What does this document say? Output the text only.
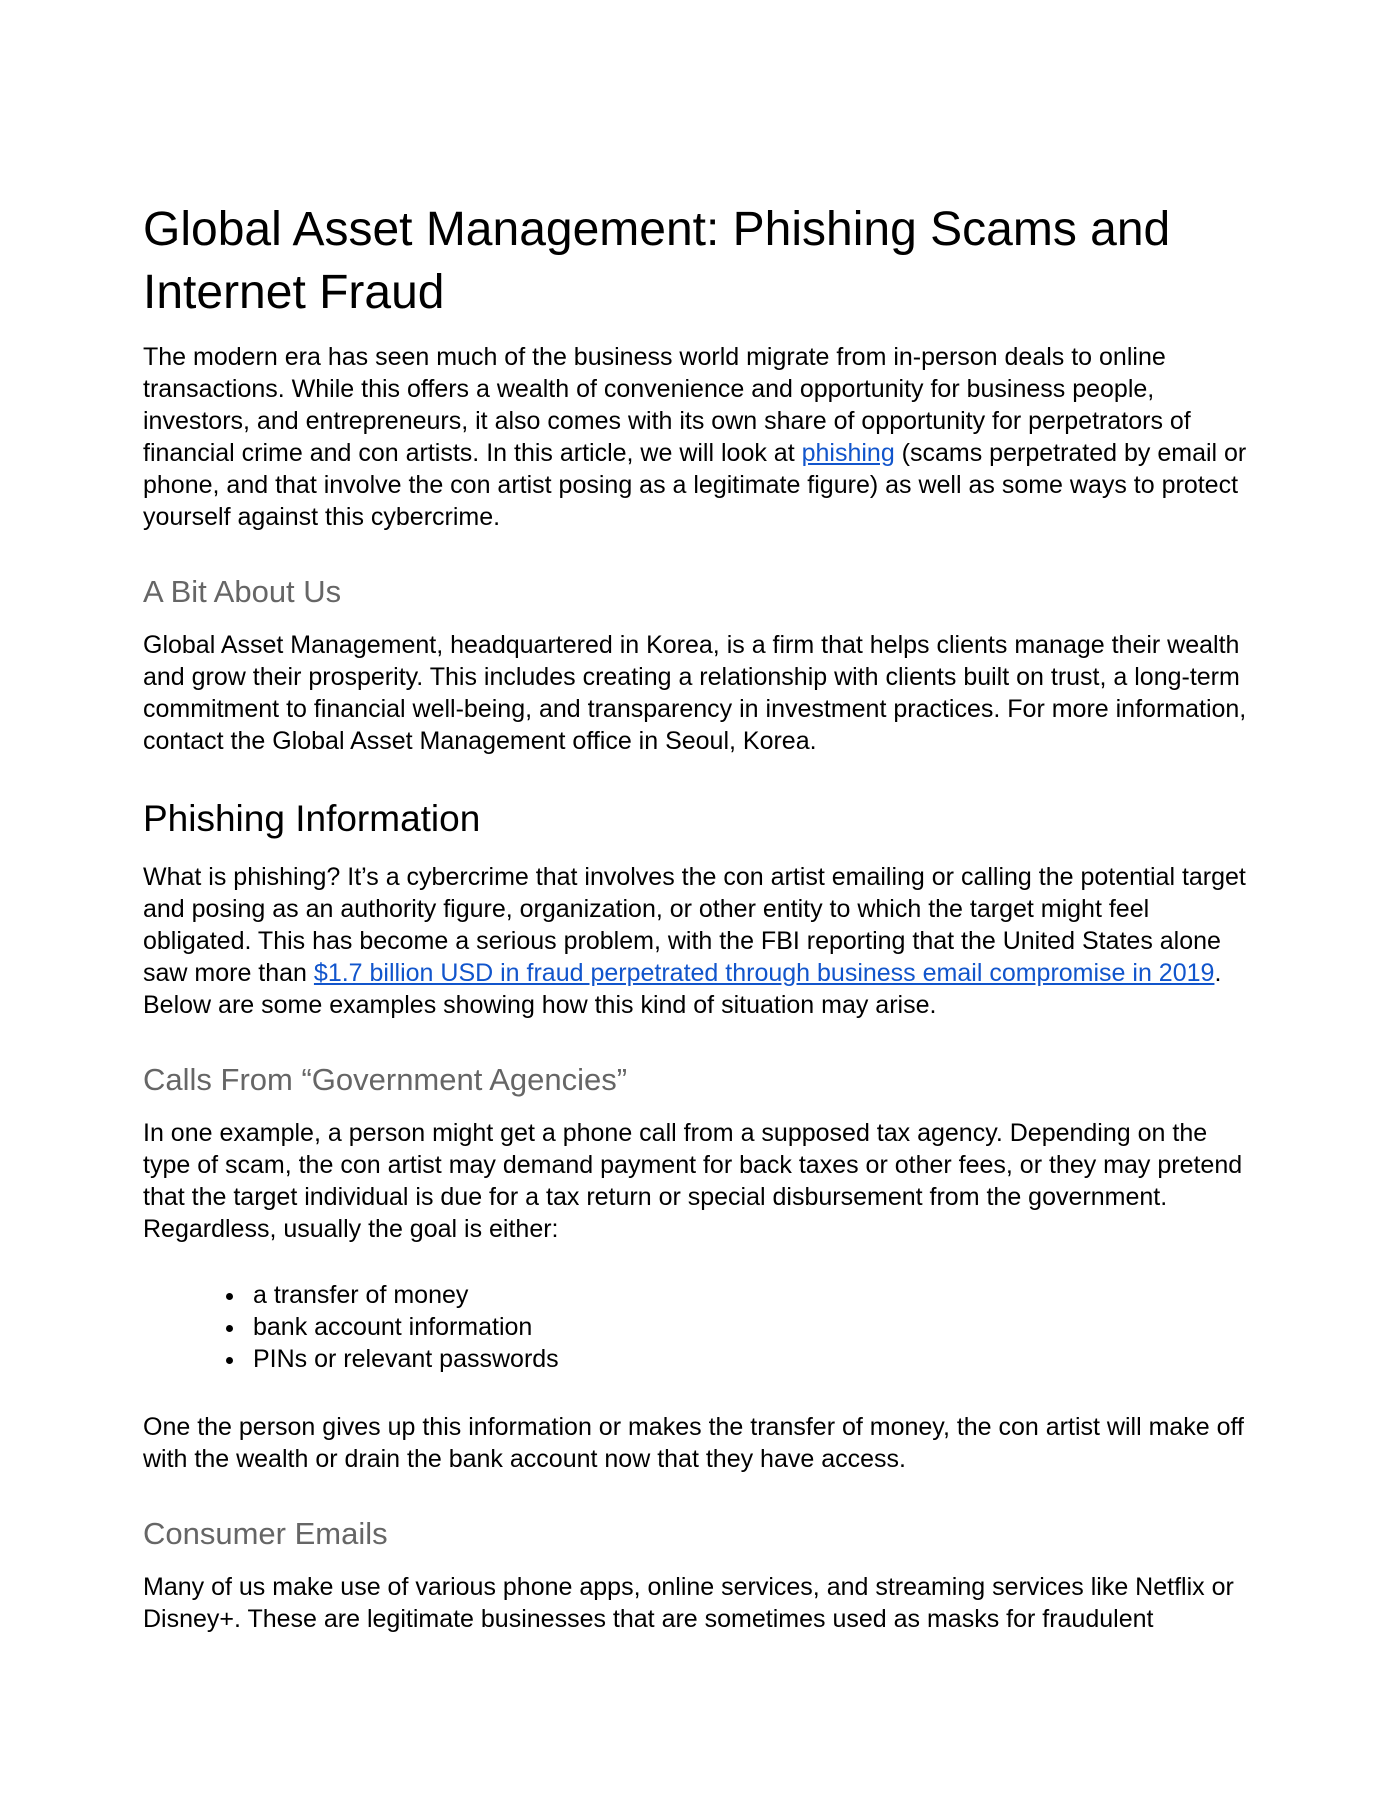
Global Asset Management: Phishing Scams and Internet Fraud

The modern era has seen much of the business world migrate from in-person deals to online transactions. While this offers a wealth of convenience and opportunity for business people, investors, and entrepreneurs, it also comes with its own share of opportunity for perpetrators of financial crime and con artists. In this article, we will look at phishing (scams perpetrated by email or phone, and that involve the con artist posing as a legitimate figure) as well as some ways to protect yourself against this cybercrime.

A Bit About Us

Global Asset Management, headquartered in Korea, is a firm that helps clients manage their wealth and grow their prosperity. This includes creating a relationship with clients built on trust, a long-term commitment to financial well-being, and transparency in investment practices. For more information, contact the Global Asset Management office in Seoul, Korea.

Phishing Information

What is phishing? It’s a cybercrime that involves the con artist emailing or calling the potential target and posing as an authority figure, organization, or other entity to which the target might feel obligated. This has become a serious problem, with the FBI reporting that the United States alone saw more than $1.7 billion USD in fraud perpetrated through business email compromise in 2019. Below are some examples showing how this kind of situation may arise.

Calls From “Government Agencies”

In one example, a person might get a phone call from a supposed tax agency. Depending on the type of scam, the con artist may demand payment for back taxes or other fees, or they may pretend that the target individual is due for a tax return or special disbursement from the government. Regardless, usually the goal is either:

• a transfer of money
• bank account information
• PINs or relevant passwords

One the person gives up this information or makes the transfer of money, the con artist will make off with the wealth or drain the bank account now that they have access.

Consumer Emails

Many of us make use of various phone apps, online services, and streaming services like Netflix or Disney+. These are legitimate businesses that are sometimes used as masks for fraudulent
